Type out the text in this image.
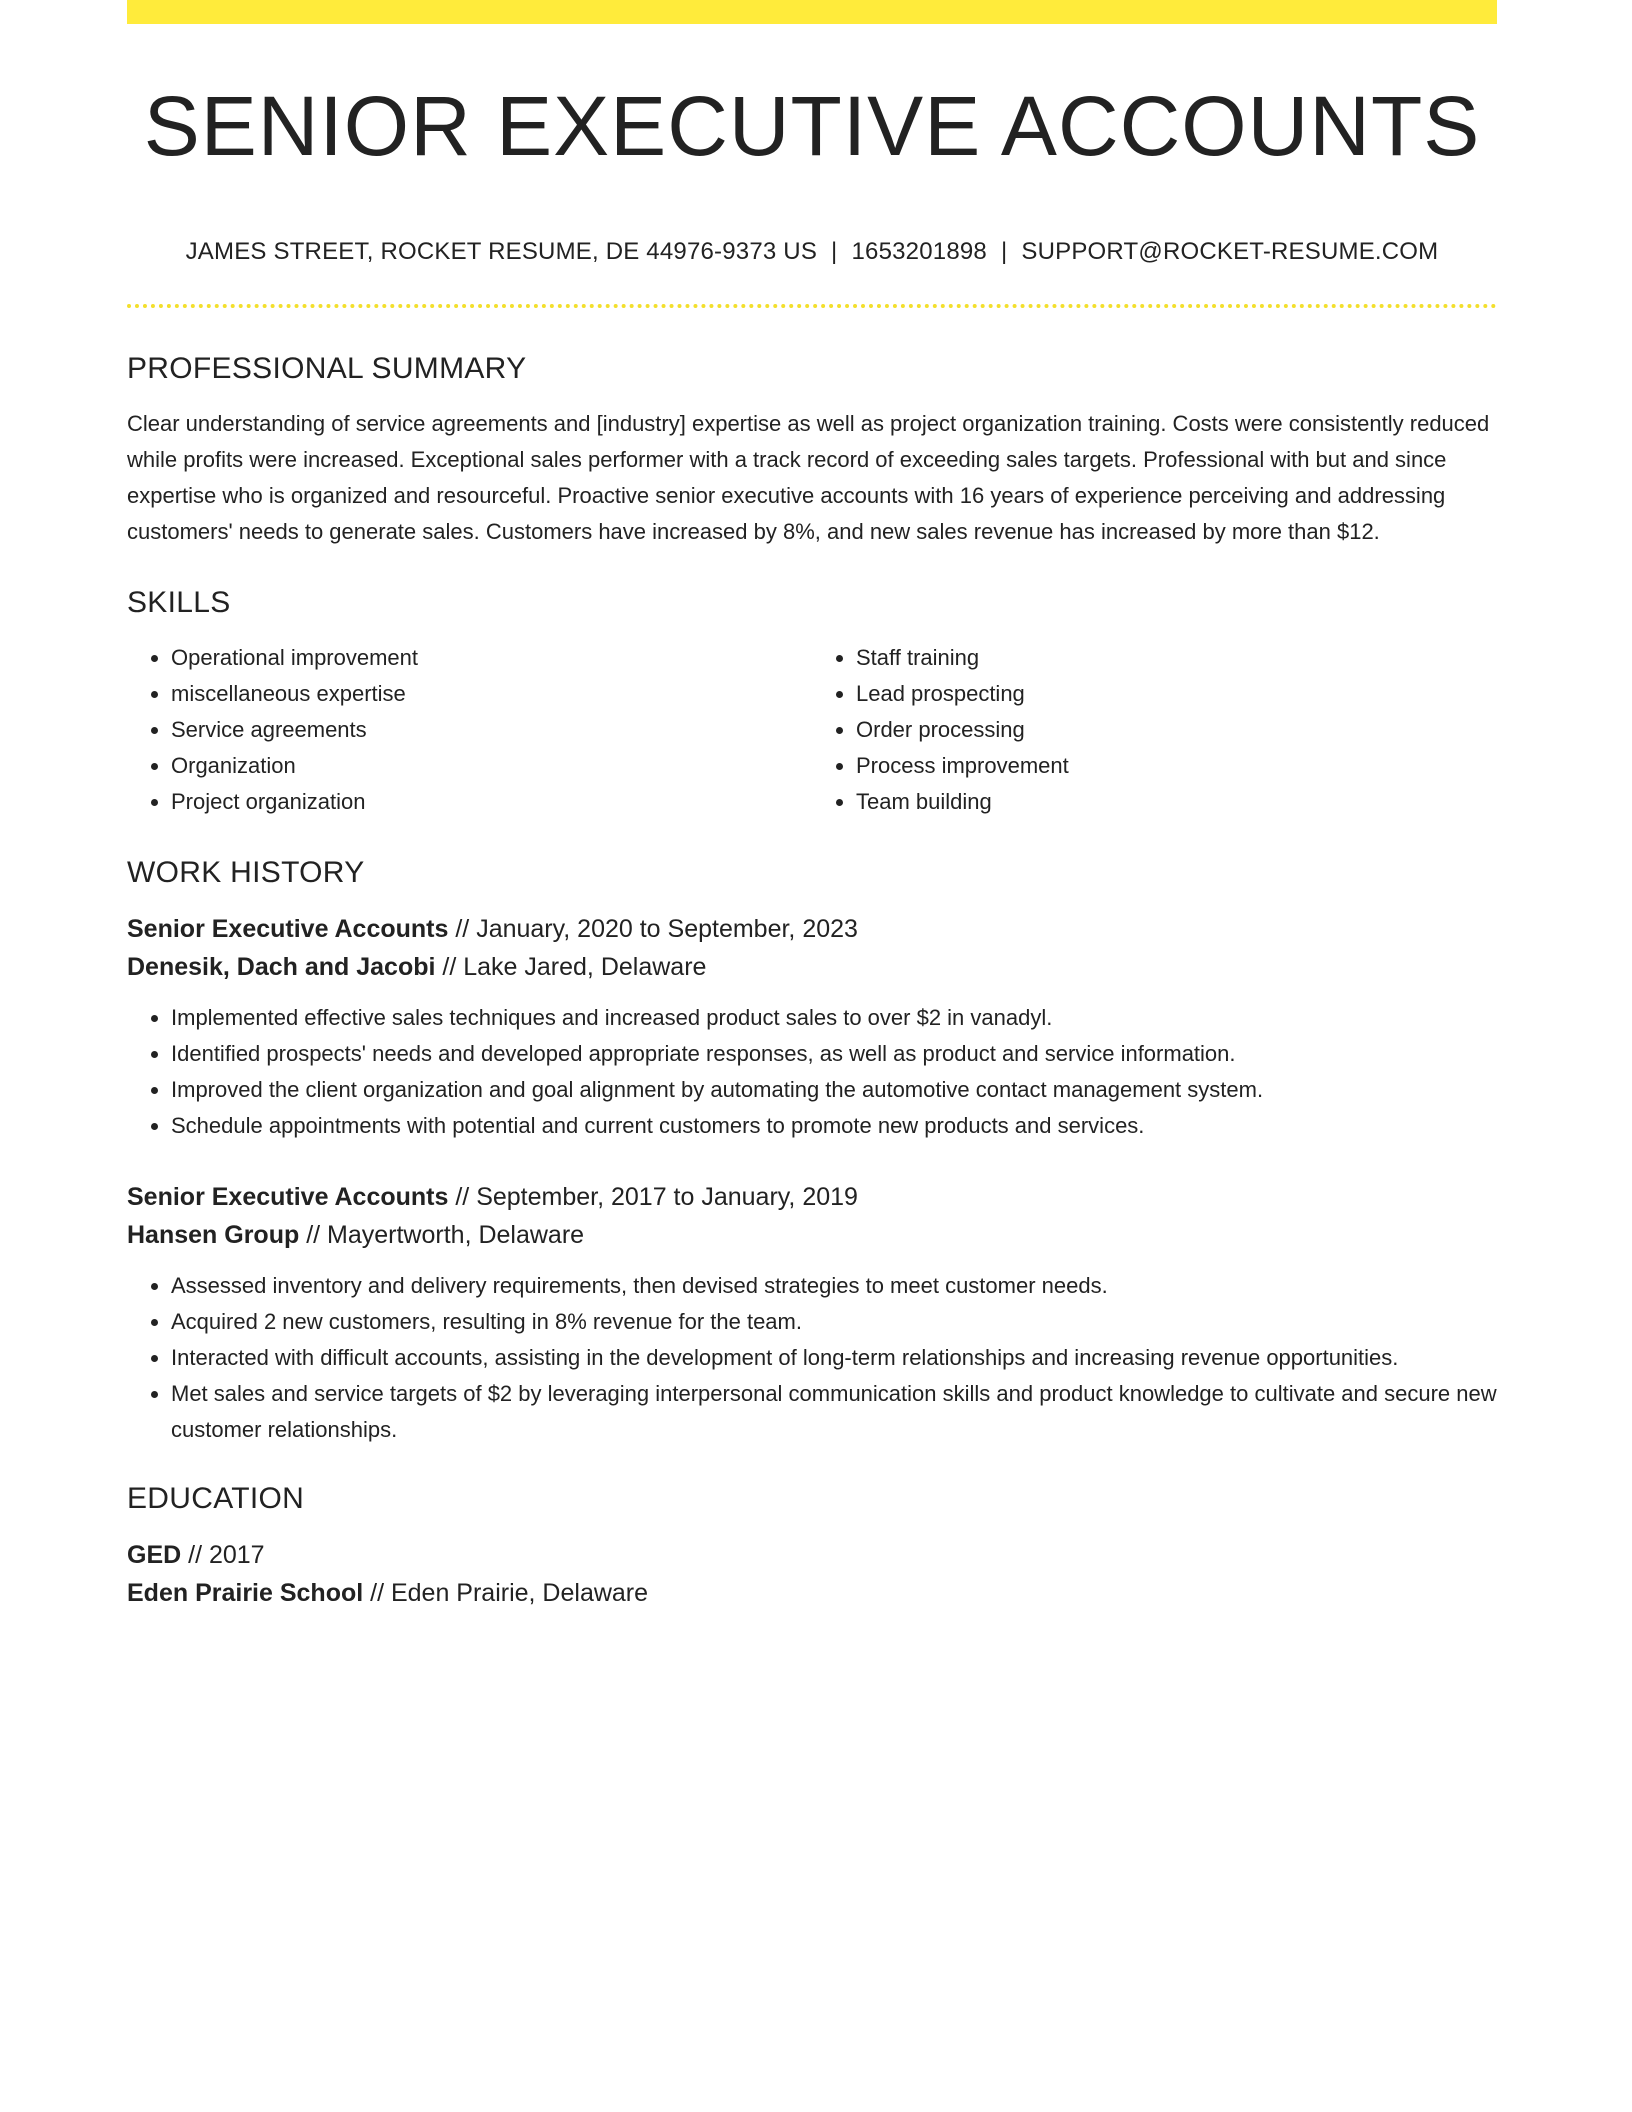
SENIOR EXECUTIVE ACCOUNTS
JAMES STREET, ROCKET RESUME, DE 44976-9373 US | 1653201898 | SUPPORT@ROCKET-RESUME.COM
PROFESSIONAL SUMMARY

Clear understanding of service agreements and [industry] expertise as well as project organization training. Costs were consistently reduced while profits were increased. Exceptional sales performer with a track record of exceeding sales targets. Professional with but and since expertise who is organized and resourceful. Proactive senior executive accounts with 16 years of experience perceiving and addressing customers' needs to generate sales. Customers have increased by 8%, and new sales revenue has increased by more than $12.

SKILLS
• Operational improvement
• miscellaneous expertise
• Service agreements
• Organization
• Project organization
• Staff training
• Lead prospecting
• Order processing
• Process improvement
• Team building
WORK HISTORY

Senior Executive Accounts // January, 2020 to September, 2023

Denesik, Dach and Jacobi // Lake Jared, Delaware

• Implemented effective sales techniques and increased product sales to over $2 in vanadyl.
• Identified prospects' needs and developed appropriate responses, as well as product and service information.
• Improved the client organization and goal alignment by automating the automotive contact management system.
• Schedule appointments with potential and current customers to promote new products and services.

Senior Executive Accounts // September, 2017 to January, 2019

Hansen Group // Mayertworth, Delaware

• Assessed inventory and delivery requirements, then devised strategies to meet customer needs.
• Acquired 2 new customers, resulting in 8% revenue for the team.
• Interacted with difficult accounts, assisting in the development of long-term relationships and increasing revenue opportunities.
• Met sales and service targets of $2 by leveraging interpersonal communication skills and product knowledge to cultivate and secure new customer relationships.
EDUCATION

GED // 2017

Eden Prairie School // Eden Prairie, Delaware
